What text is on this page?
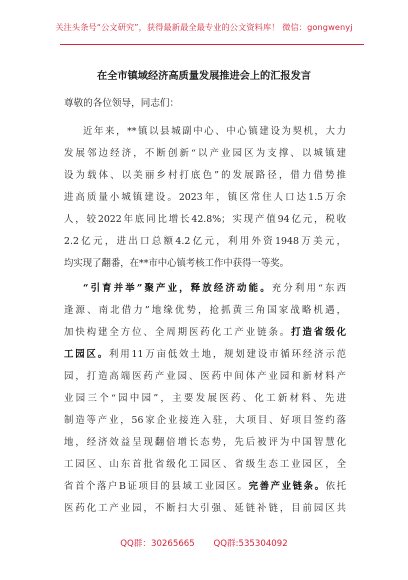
关注头条号“公文研究”，获得最新最全最专业的公文资料库！ 微信：gongwenyj
在全市镇域经济高质量发展推进会上的汇报发言
尊敬的各位领导，同志们：
近年来，**镇以县城副中心、中心镇建设为契机，大力
发展邻边经济，不断创新“以产业园区为支撑、以城镇建
设为载体、以美丽乡村打底色”的发展路径，借力借势推
进高质量小城镇建设。2023年，镇区常住人口达1.5万余
人，较2022年底同比增长42.8%；实现产值94亿元，税收
2.2亿元，进出口总额4.2亿元，利用外资1948万美元，
均实现了翻番，在**市中心镇考核工作中获得一等奖。
“引育并举”聚产业，释放经济动能。充分利用“东西
逢源、南北借力”地缘优势，抢抓黄三角国家战略机遇，
加快构建全方位、全周期医药化工产业链条。打造省级化
工园区。利用11万亩低效土地，规划建设市循环经济示范
园，打造高端医药产业园、医药中间体产业园和新材料产
业园三个“园中园”，主要发展医药、化工新材料、先进
制造等产业，56家企业接连入驻，大项目、好项目签约落
地，经济效益呈现翻倍增长态势，先后被评为中国智慧化
工园区、山东首批省级化工园区、省级生态工业园区，全
省首个落户B证项目的县域工业园区。完善产业链条。依托
医药化工产业园，不断扫大引强、延链补链，目前园区共
QQ群：30265665 QQ群:535304092
